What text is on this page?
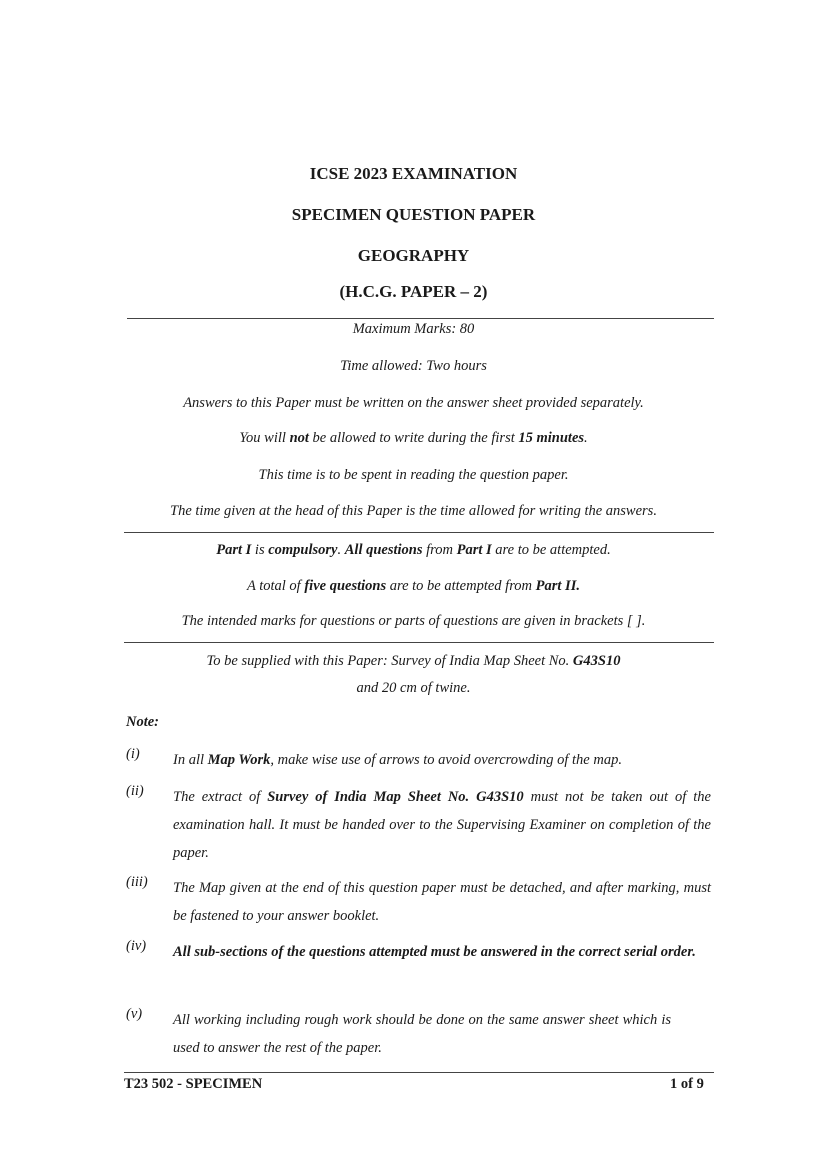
ICSE 2023 EXAMINATION

SPECIMEN QUESTION PAPER

GEOGRAPHY

(H.C.G. PAPER – 2)

Maximum Marks: 80

Time allowed: Two hours

Answers to this Paper must be written on the answer sheet provided separately.

You will not be allowed to write during the first 15 minutes.

This time is to be spent in reading the question paper.

The time given at the head of this Paper is the time allowed for writing the answers.

Part I is compulsory. All questions from Part I are to be attempted.

A total of five questions are to be attempted from Part II.

The intended marks for questions or parts of questions are given in brackets [ ].

To be supplied with this Paper: Survey of India Map Sheet No. G43S10

and 20 cm of twine.

Note:

(i) In all Map Work, make wise use of arrows to avoid overcrowding of the map.
(ii) The extract of Survey of India Map Sheet No. G43S10 must not be taken out of the examination hall. It must be handed over to the Supervising Examiner on completion of the paper.
(iii) The Map given at the end of this question paper must be detached, and after marking, must be fastened to your answer booklet.
(iv) All sub-sections of the questions attempted must be answered in the correct serial order.
(v) All working including rough work should be done on the same answer sheet which is used to answer the rest of the paper.
T23 502 - SPECIMEN	1 of 9
